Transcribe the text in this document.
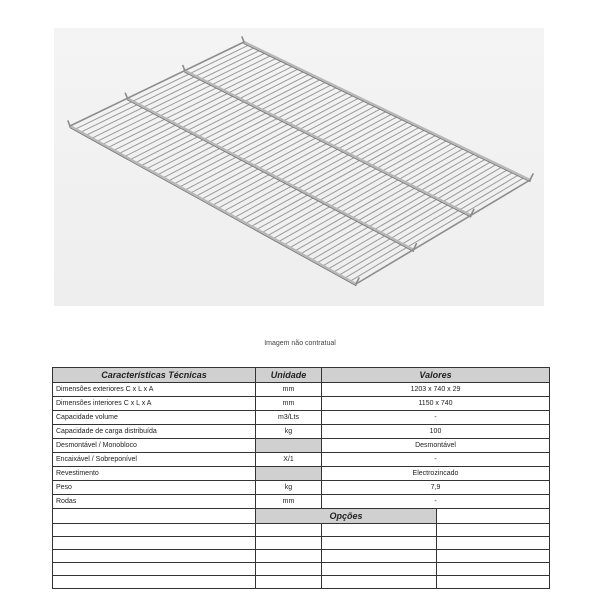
Imagem não contratual
Características Técnicas	Unidade	Valores	
Dimensões exteriores C x L x A	mm	1203 x 740 x 29	
Dimensões interiores C x L x A	mm	1150 x 740	
Capacidade volume	m3/Lts	-	
Capacidade de carga distribuída	kg	100	
Desmontável / Monobloco		Desmontável	
Encaixável / Sobreponível	X/1	-	
Revestimento		Electrozincado	
Peso	kg	7,9	
Rodas	mm	-	
	Opções		
